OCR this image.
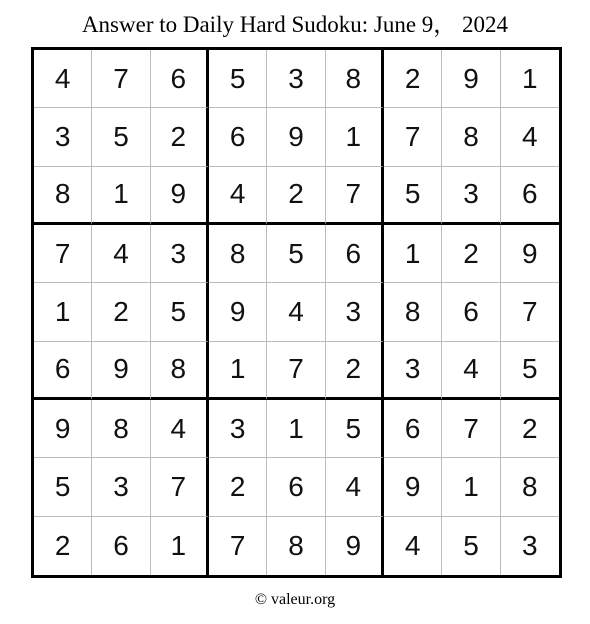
Answer to Daily Hard Sudoku: June 9， 2024
4	7	6	5	3	8	2	9	1
3	5	2	6	9	1	7	8	4
8	1	9	4	2	7	5	3	6
7	4	3	8	5	6	1	2	9
1	2	5	9	4	3	8	6	7
6	9	8	1	7	2	3	4	5
9	8	4	3	1	5	6	7	2
5	3	7	2	6	4	9	1	8
2	6	1	7	8	9	4	5	3
© valeur.org
